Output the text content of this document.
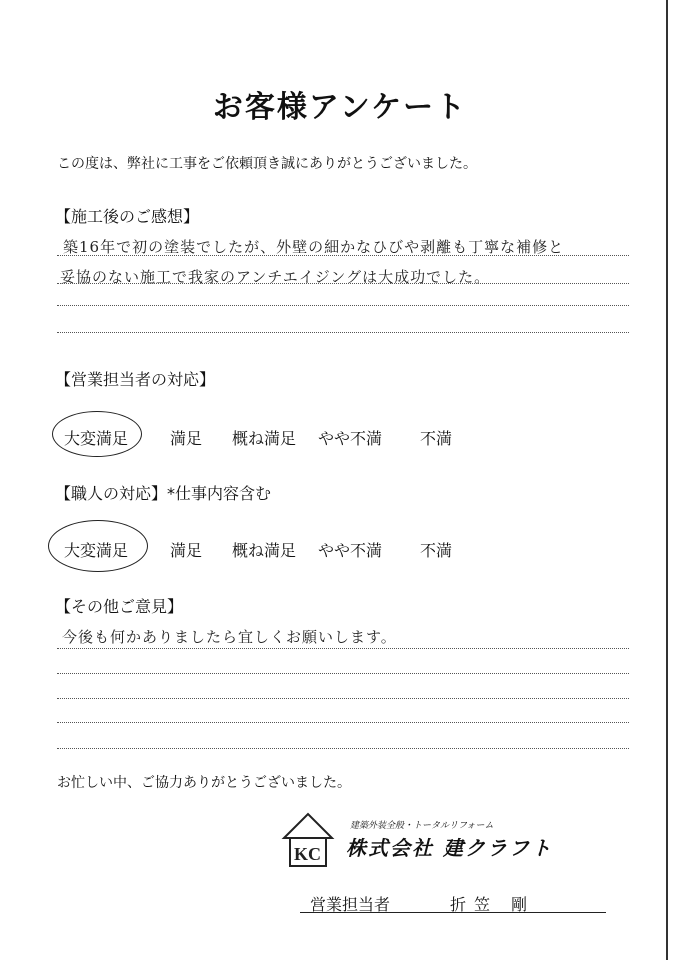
お客様アンケート
この度は、弊社に工事をご依頼頂き誠にありがとうございました。
【施工後のご感想】
築16年で初の塗装でしたが、外壁の細かなひびや剥離も丁寧な補修と
妥協のない施工で我家のアンチエイジングは大成功でした。
【営業担当者の対応】
大変満足	満足 概ね満足 やや不満 不満
【職人の対応】*仕事内容含む
大変満足	満足 概ね満足 やや不満 不満
【その他ご意見】
今後も何かありましたら宜しくお願いします。
お忙しい中、ご協力ありがとうございました。
KC
建築外装全般・トータルリフォーム
株式会社 建クラフト
営業担当者	折笠 剛
